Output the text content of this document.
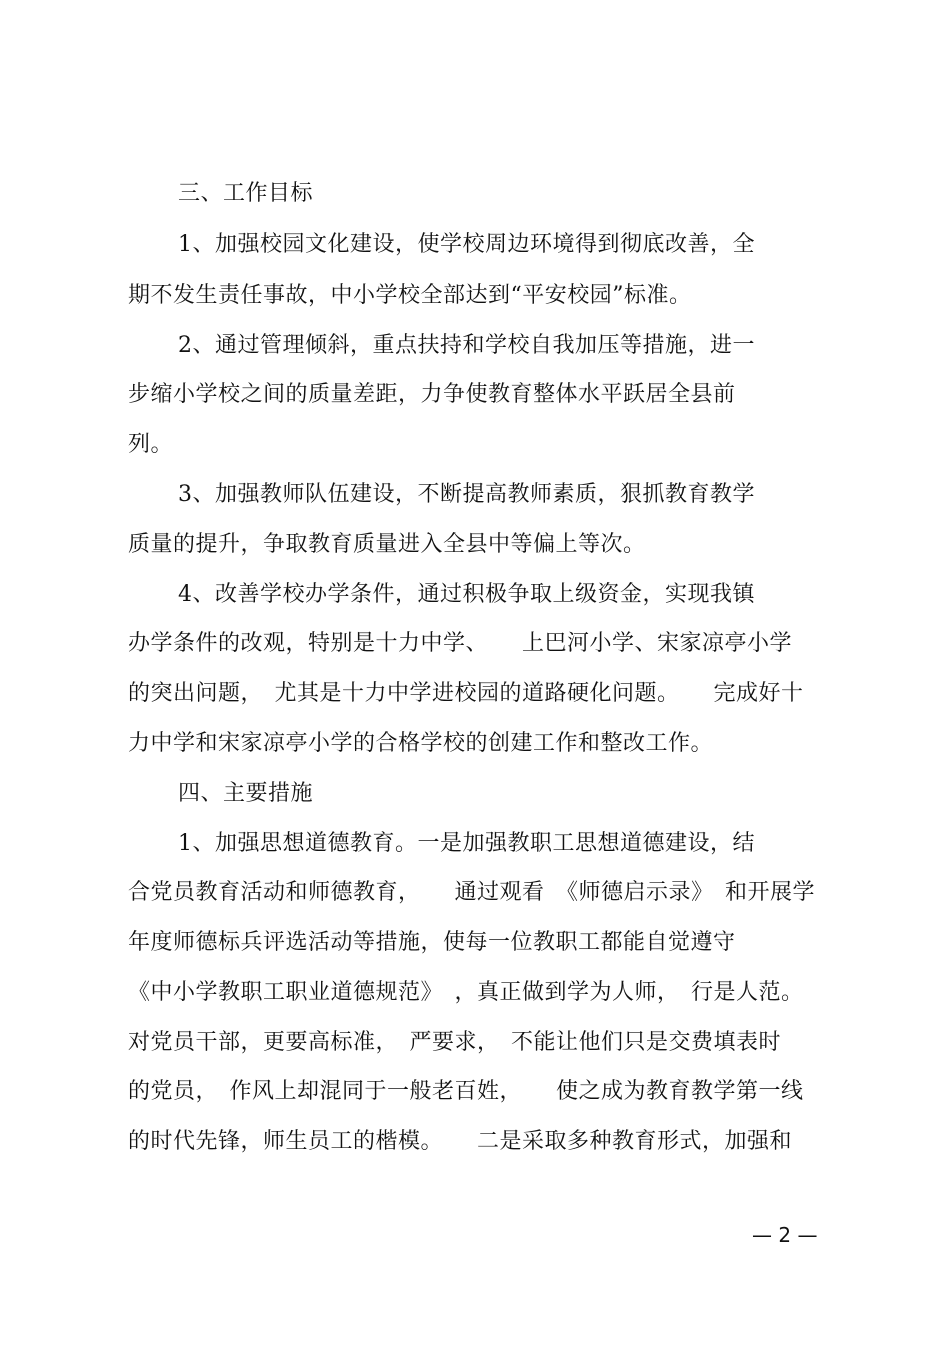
三、工作目标

1、加强校园文化建设，使学校周边环境得到彻底改善，全

期不发生责任事故，中小学校全部达到“平安校园”标准。

2、通过管理倾斜，重点扶持和学校自我加压等措施，进一

步缩小学校之间的质量差距，力争使教育整体水平跃居全县前

列。

3、加强教师队伍建设，不断提高教师素质，狠抓教育教学

质量的提升，争取教育质量进入全县中等偏上等次。

4、改善学校办学条件，通过积极争取上级资金，实现我镇

办学条件的改观，特别是十力中学、　　上巴河小学、宋家凉亭小学

的突出问题，　尤其是十力中学进校园的道路硬化问题。　　完成好十

力中学和宋家凉亭小学的合格学校的创建工作和整改工作。

四、主要措施

1、加强思想道德教育。一是加强教职工思想道德建设，结

合党员教育活动和师德教育，　　通过观看　《师德启示录》　和开展学

年度师德标兵评选活动等措施，使每一位教职工都能自觉遵守

《中小学教职工职业道德规范》　，真正做到学为人师，　行是人范。

对党员干部，更要高标准，　严要求，　不能让他们只是交费填表时

的党员，　作风上却混同于一般老百姓，　　使之成为教育教学第一线

的时代先锋，师生员工的楷模。　　二是采取多种教育形式，加强和

— 2 —
